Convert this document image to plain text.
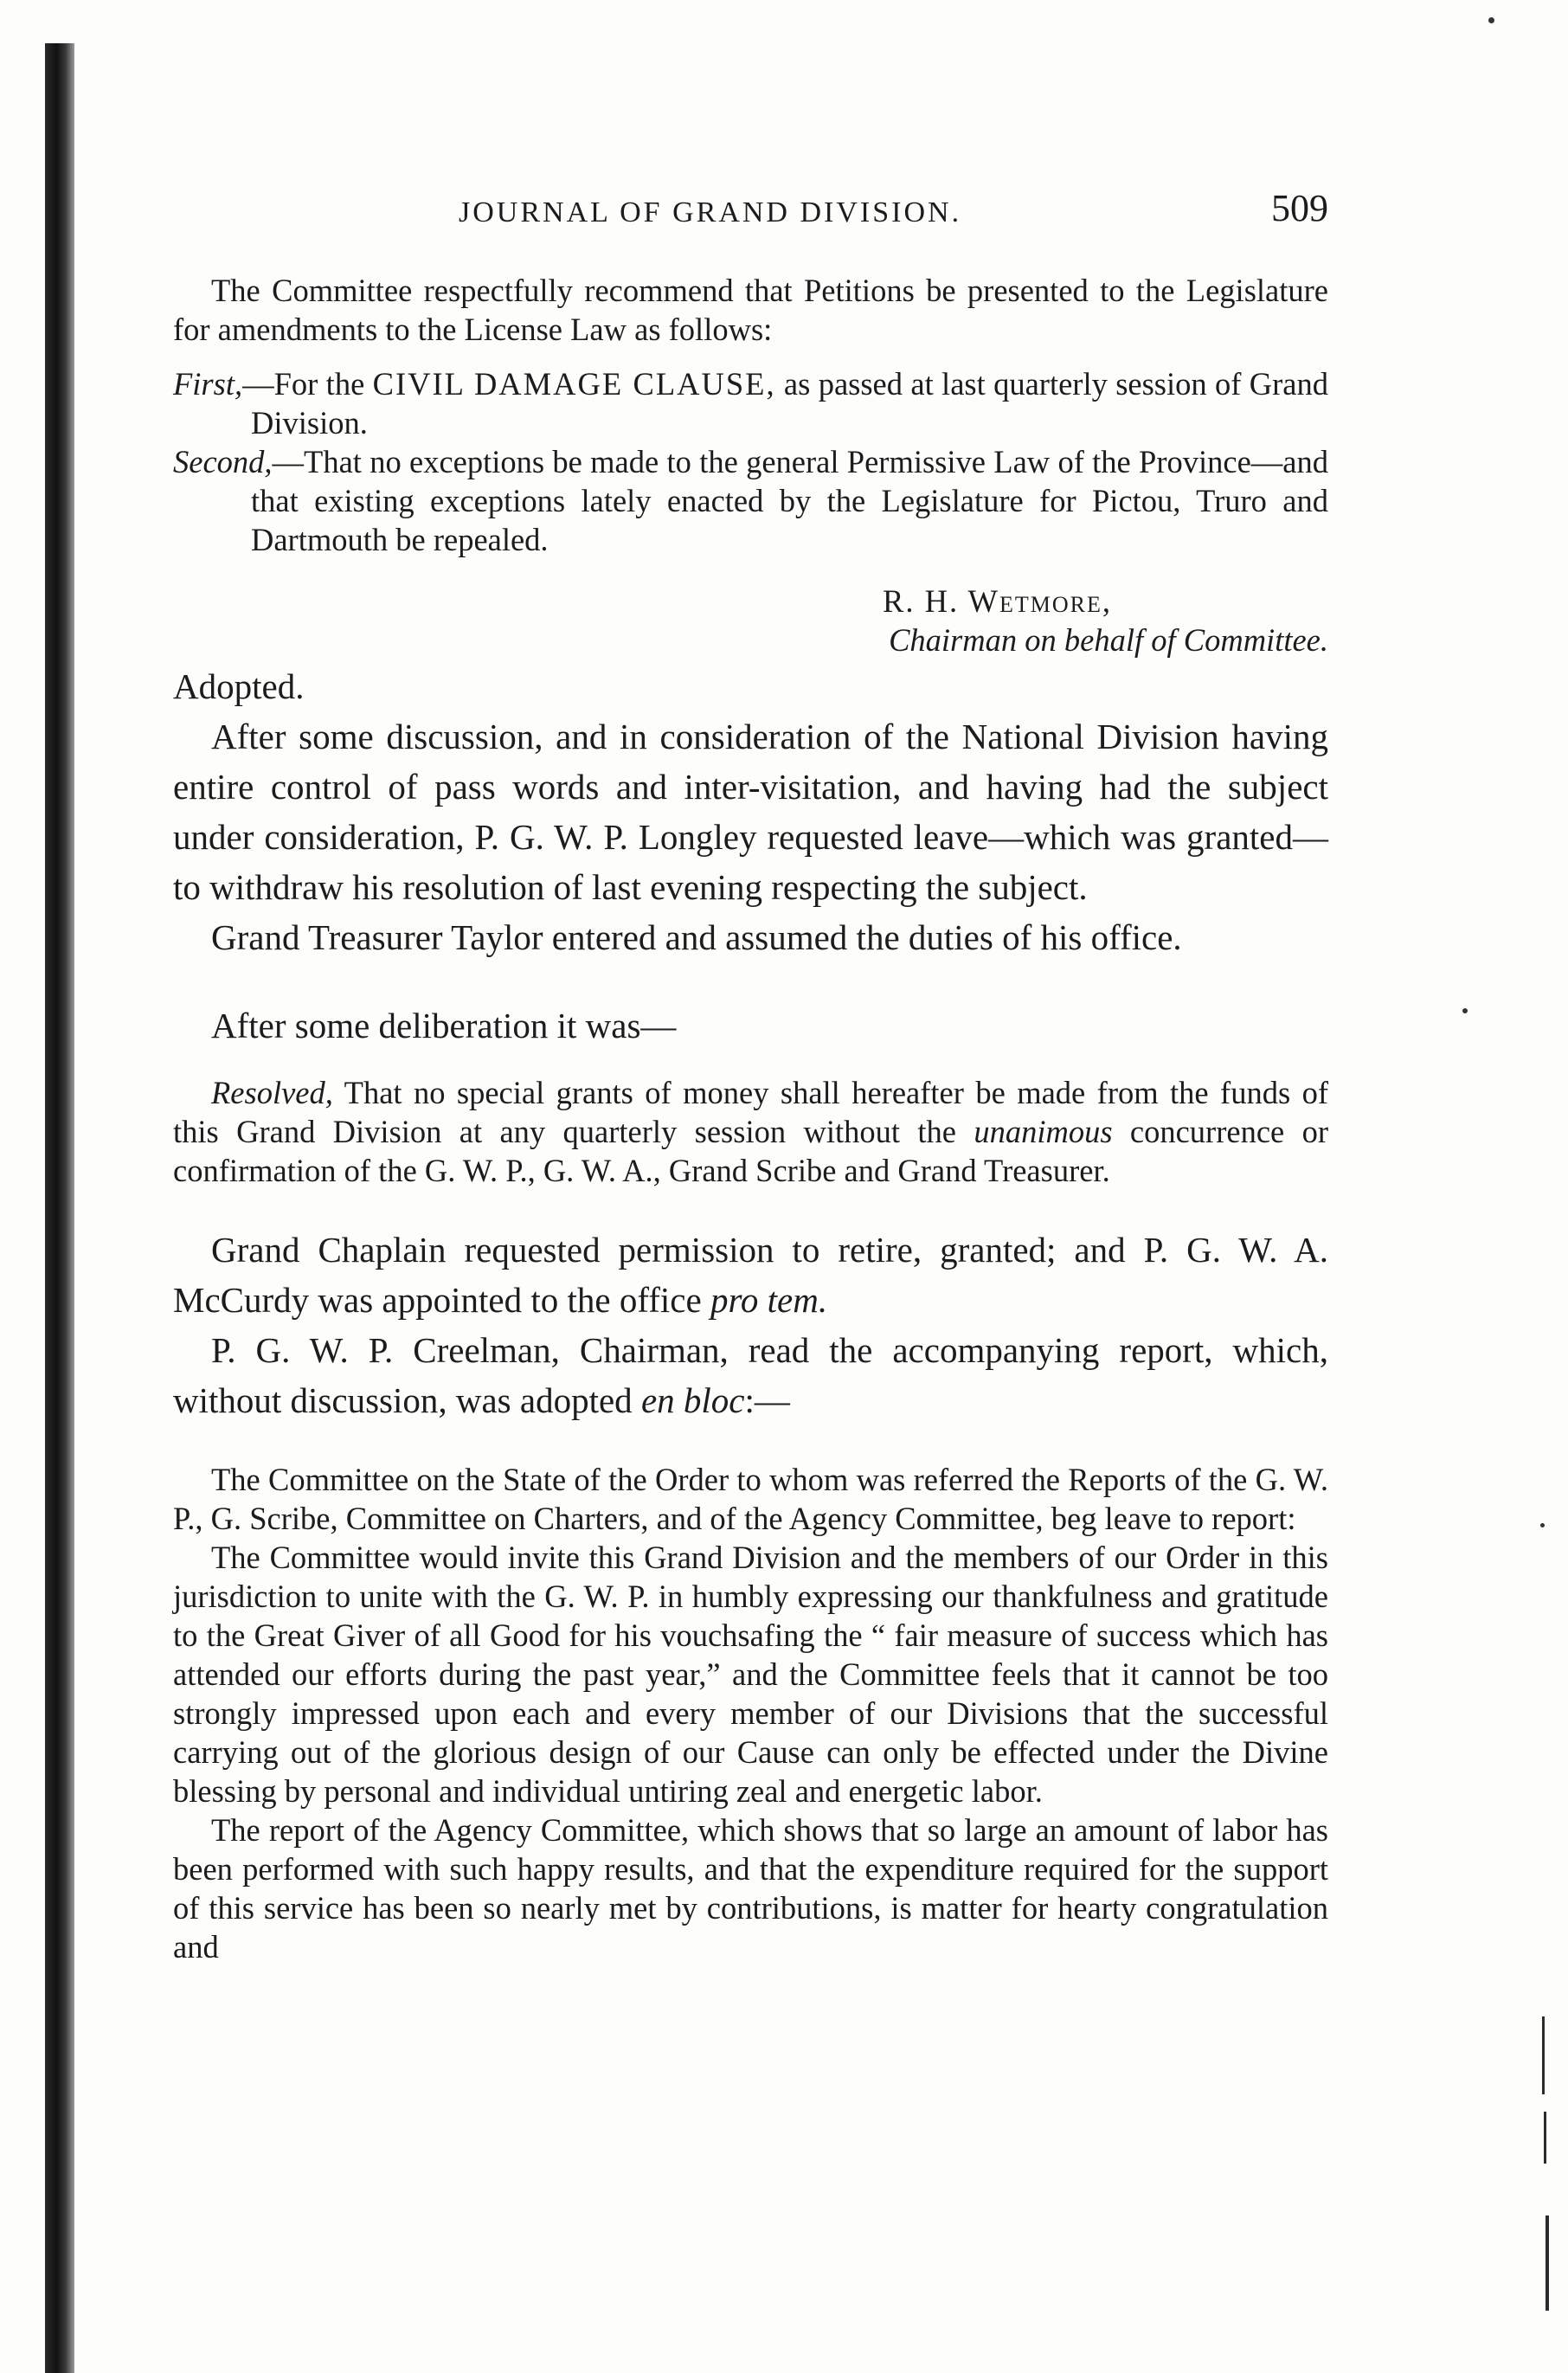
JOURNAL OF GRAND DIVISION.	509

The Committee respectfully recommend that Petitions be presented to the Legislature for amendments to the License Law as follows:

First,—For the CIVIL DAMAGE CLAUSE, as passed at last quarterly session of Grand Division.

Second,—That no exceptions be made to the general Permissive Law of the Province—and that existing exceptions lately enacted by the Legislature for Pictou, Truro and Dartmouth be repealed.

R. H. Wetmore,

Chairman on behalf of Committee.

Adopted.

After some discussion, and in consideration of the National Division having entire control of pass words and inter-visitation, and having had the subject under consideration, P. G. W. P. Longley requested leave—which was granted—to withdraw his resolution of last evening respecting the subject.

Grand Treasurer Taylor entered and assumed the duties of his office.

After some deliberation it was—

Resolved, That no special grants of money shall hereafter be made from the funds of this Grand Division at any quarterly session without the unanimous concurrence or confirmation of the G. W. P., G. W. A., Grand Scribe and Grand Treasurer.

Grand Chaplain requested permission to retire, granted; and P. G. W. A. McCurdy was appointed to the office pro tem.

P. G. W. P. Creelman, Chairman, read the accompanying report, which, without discussion, was adopted en bloc:—

The Committee on the State of the Order to whom was referred the Reports of the G. W. P., G. Scribe, Committee on Charters, and of the Agency Committee, beg leave to report:

The Committee would invite this Grand Division and the members of our Order in this jurisdiction to unite with the G. W. P. in humbly expressing our thankfulness and gratitude to the Great Giver of all Good for his vouchsafing the “ fair measure of success which has attended our efforts during the past year,” and the Committee feels that it cannot be too strongly impressed upon each and every member of our Divisions that the successful carrying out of the glorious design of our Cause can only be effected under the Divine blessing by personal and individual untiring zeal and energetic labor.

The report of the Agency Committee, which shows that so large an amount of labor has been performed with such happy results, and that the expenditure required for the support of this service has been so nearly met by contributions, is matter for hearty congratulation and
